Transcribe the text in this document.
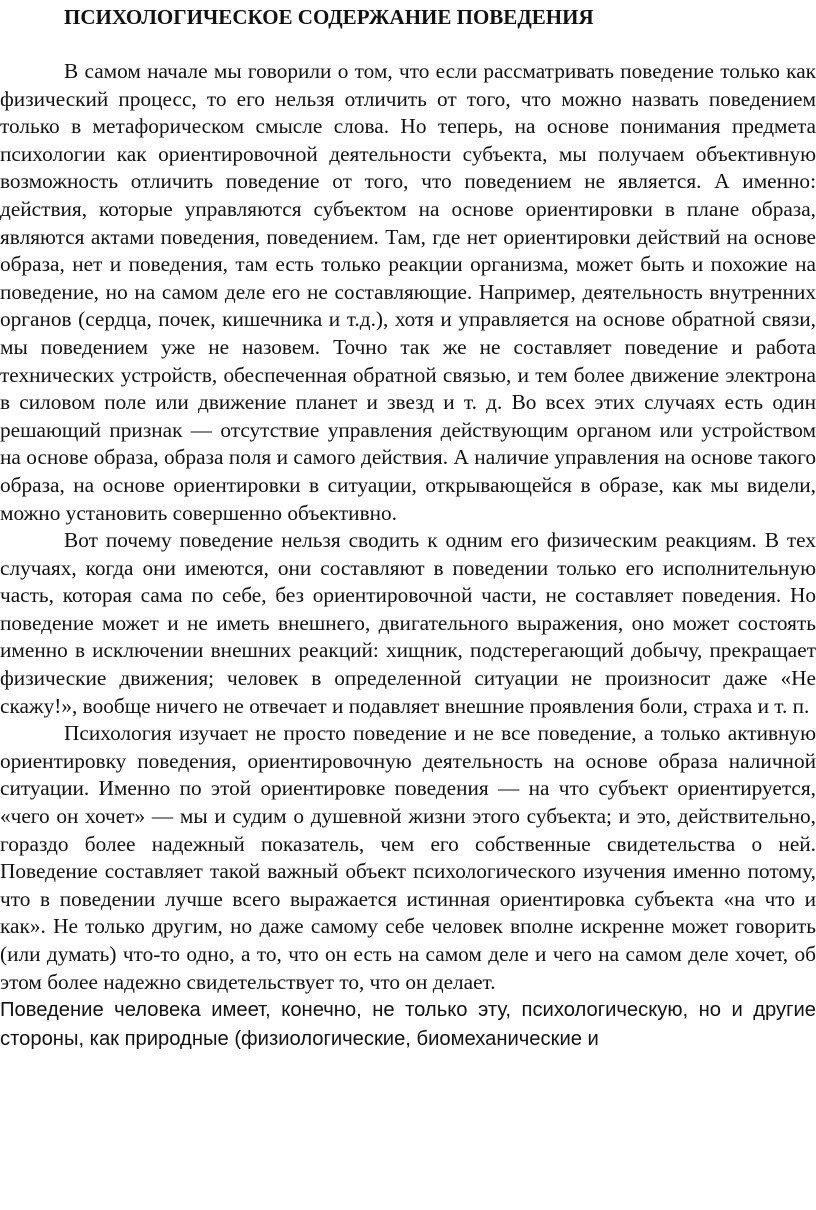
ПСИХОЛОГИЧЕСКОЕ СОДЕРЖАНИЕ ПОВЕДЕНИЯ

В самом начале мы говорили о том, что если рассматривать поведение только как физический процесс, то его нельзя отличить от того, что можно назвать поведением только в метафорическом смысле слова. Но теперь, на основе понимания предмета психологии как ориентировочной деятельности субъекта, мы получаем объективную возможность отличить поведение от того, что поведением не является. А именно: действия, которые управляются субъектом на основе ориентировки в плане образа, являются актами поведения, поведением. Там, где нет ориентировки действий на основе образа, нет и поведения, там есть только реакции организма, может быть и похожие на поведение, но на самом деле его не составляющие. Например, деятельность внутренних органов (сердца, почек, кишечника и т.д.), хотя и управляется на основе обратной связи, мы поведением уже не назовем. Точно так же не составляет поведение и работа технических устройств, обеспеченная обратной связью, и тем более движение электрона в силовом поле или движение планет и звезд и т. д. Во всех этих случаях есть один решающий признак — отсутствие управления действующим органом или устройством на основе образа, образа поля и самого действия. А наличие управления на основе такого образа, на основе ориентировки в ситуации, открывающейся в образе, как мы видели, можно установить совершенно объективно.

Вот почему поведение нельзя сводить к одним его физическим реакциям. В тех случаях, когда они имеются, они составляют в поведении только его исполнительную часть, которая сама по себе, без ориентировочной части, не составляет поведения. Но поведение может и не иметь внешнего, двигательного выражения, оно может состоять именно в исключении внешних реакций: хищник, подстерегающий добычу, прекращает физические движения; человек в определенной ситуации не произносит даже «Не скажу!», вообще ничего не отвечает и подавляет внешние проявления боли, страха и т. п.

Психология изучает не просто поведение и не все поведение, а только активную ориентировку поведения, ориентировочную деятельность на основе образа наличной ситуации. Именно по этой ориентировке поведения — на что субъект ориентируется, «чего он хочет» — мы и судим о душевной жизни этого субъекта; и это, действительно, гораздо более надежный показатель, чем его собственные свидетельства о ней. Поведение составляет такой важный объект психологического изучения именно потому, что в поведении лучше всего выражается истинная ориентировка субъекта «на что и как». Не только другим, но даже самому себе человек вполне искренне может говорить (или думать) что-то одно, а то, что он есть на самом деле и чего на самом деле хочет, об этом более надежно свидетельствует то, что он делает.

Поведение человека имеет, конечно, не только эту, психологическую, но и другие стороны, как природные (физиологические, биомеханические и
